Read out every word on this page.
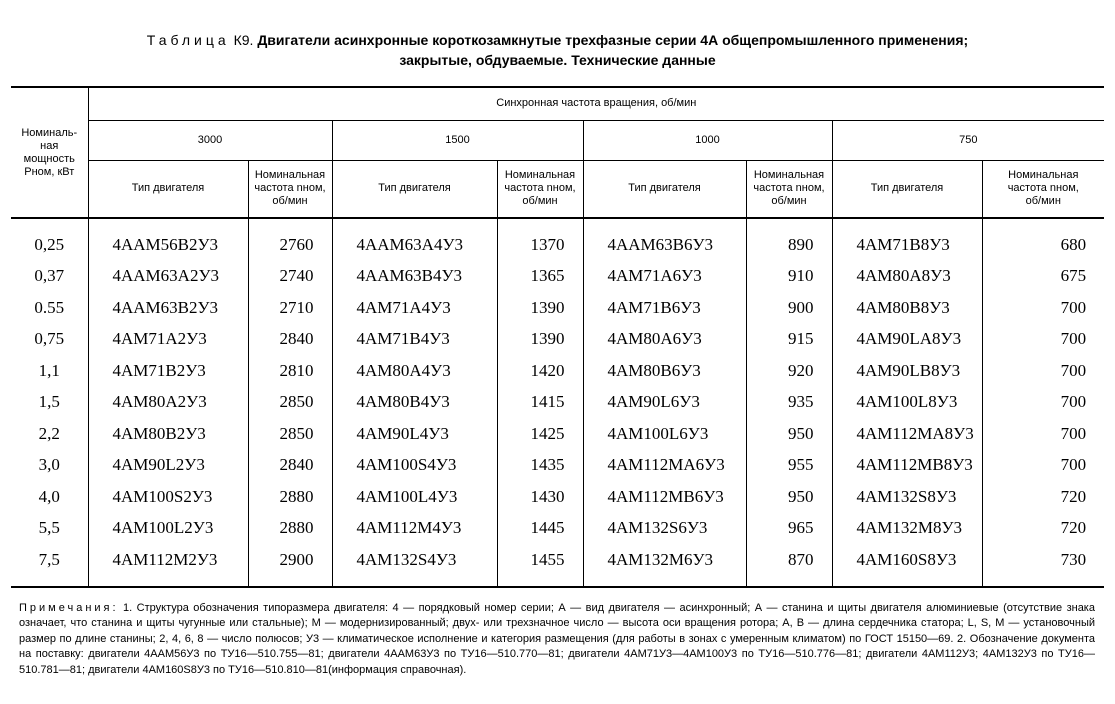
Таблица К9. Двигатели асинхронные короткозамкнутые трехфазные серии 4А общепромышленного применения;
закрытые, обдуваемые. Технические данные
Номиналь-ная мощность Рном, кВт	Синхронная частота вращения, об/мин							
	3000		1500		1000		750	
	Тип двигателя	Номинальная частота nном, об/мин	Тип двигателя	Номинальная частота nном, об/мин	Тип двигателя	Номинальная частота nном, об/мин	Тип двигателя	Номинальная частота nном, об/мин

0,25	4ААМ56В2У3	2760	4ААМ63А4У3	1370	4ААМ63В6У3	890	4АМ71В8У3	680
0,37	4ААМ63А2У3	2740	4ААМ63В4У3	1365	4АМ71А6У3	910	4АМ80А8У3	675
0.55	4ААМ63В2У3	2710	4АМ71А4У3	1390	4АМ71В6У3	900	4АМ80В8У3	700
0,75	4АМ71А2У3	2840	4АМ71В4У3	1390	4АМ80А6У3	915	4АМ90LА8У3	700
1,1	4АМ71В2У3	2810	4АМ80А4У3	1420	4АМ80В6У3	920	4АМ90LВ8У3	700
1,5	4АМ80А2У3	2850	4АМ80В4У3	1415	4АМ90L6У3	935	4АМ100L8У3	700
2,2	4АМ80В2У3	2850	4АМ90L4У3	1425	4АМ100L6У3	950	4АМ112МА8У3	700
3,0	4АМ90L2У3	2840	4АМ100S4У3	1435	4АМ112МА6У3	955	4АМ112МВ8У3	700
4,0	4АМ100S2У3	2880	4АМ100L4У3	1430	4АМ112МВ6У3	950	4АМ132S8У3	720
5,5	4АМ100L2У3	2880	4АМ112М4У3	1445	4АМ132S6У3	965	4АМ132М8У3	720
7,5	4АМ112М2У3	2900	4АМ132S4У3	1455	4АМ132М6У3	870	4АМ160S8У3	730

Примечания: 1. Структура обозначения типоразмера двигателя: 4 — порядковый номер серии; А — вид двигателя — асинхронный; А — станина и щиты двигателя алюминиевые (отсутствие знака означает, что станина и щиты чугунные или стальные); М — модернизированный; двух- или трехзначное число — высота оси вращения ротора; А, В — длина сердечника статора; L, S, М — установочный размер по длине станины; 2, 4, 6, 8 — число полюсов; У3 — климатическое исполнение и категория размещения (для работы в зонах с умеренным климатом) по ГОСТ 15150—69. 2. Обозначение документа на поставку: двигатели 4ААМ56У3 по ТУ16—510.755—81; двигатели 4ААМ63У3 по ТУ16—510.770—81; двигатели 4АМ71У3—4АМ100У3 по ТУ16—510.776—81; двигатели 4АМ112У3; 4АМ132У3 по ТУ16—510.781—81; двигатели 4АМ160S8У3 по ТУ16—510.810—81(информация справочная).
